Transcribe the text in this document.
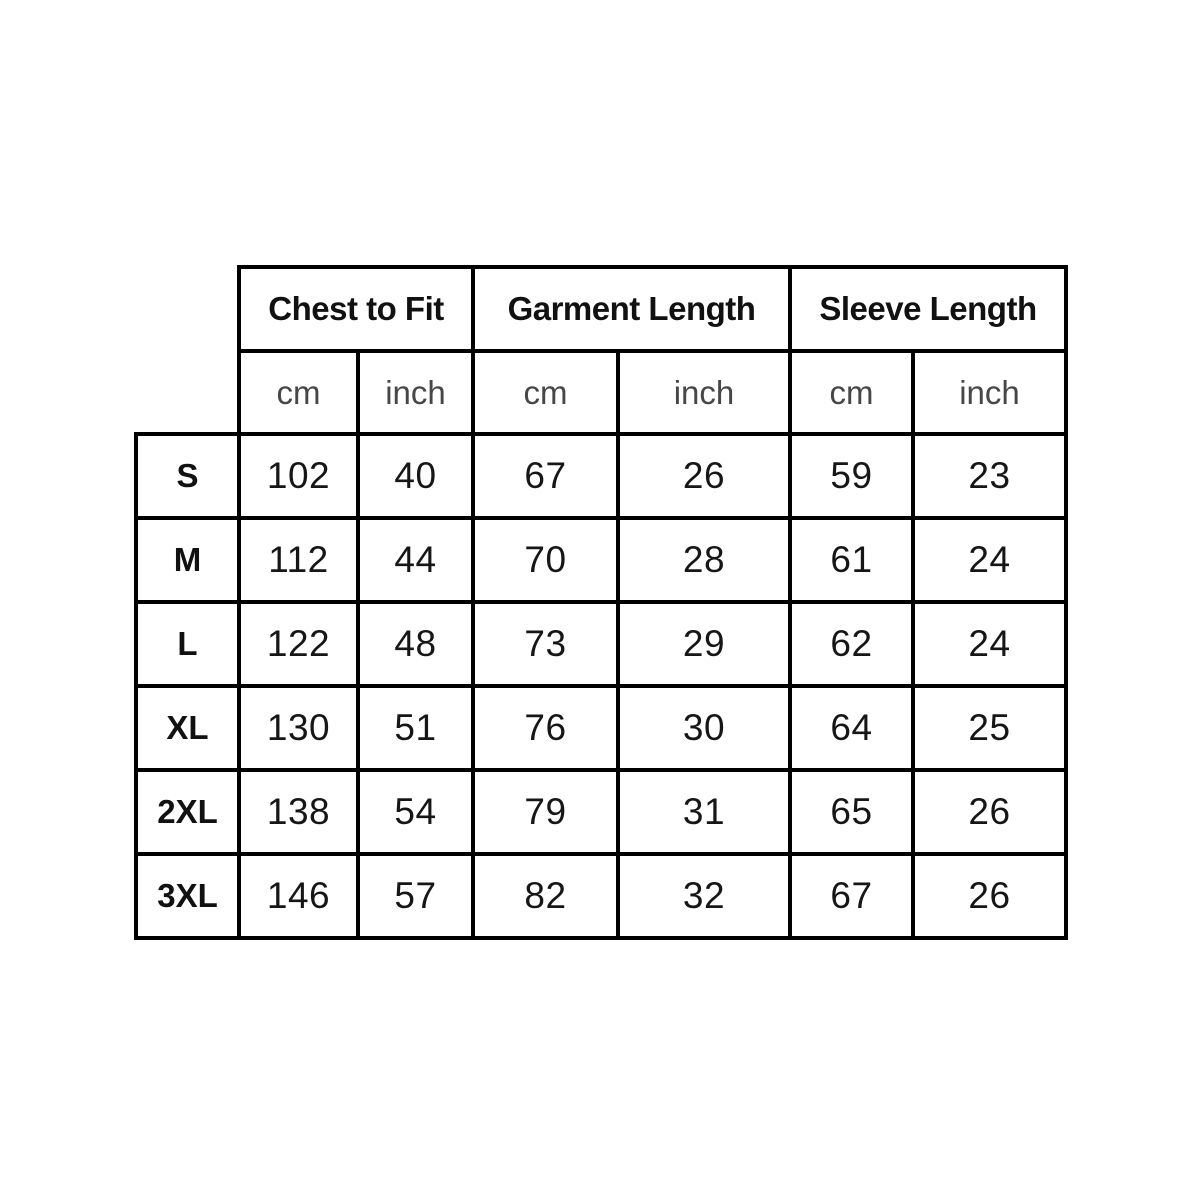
	Chest to Fit		Garment Length		Sleeve Length	
	cm	inch	cm	inch	cm	inch
S	102	40	67	26	59	23
M	112	44	70	28	61	24
L	122	48	73	29	62	24
XL	130	51	76	30	64	25
2XL	138	54	79	31	65	26
3XL	146	57	82	32	67	26
